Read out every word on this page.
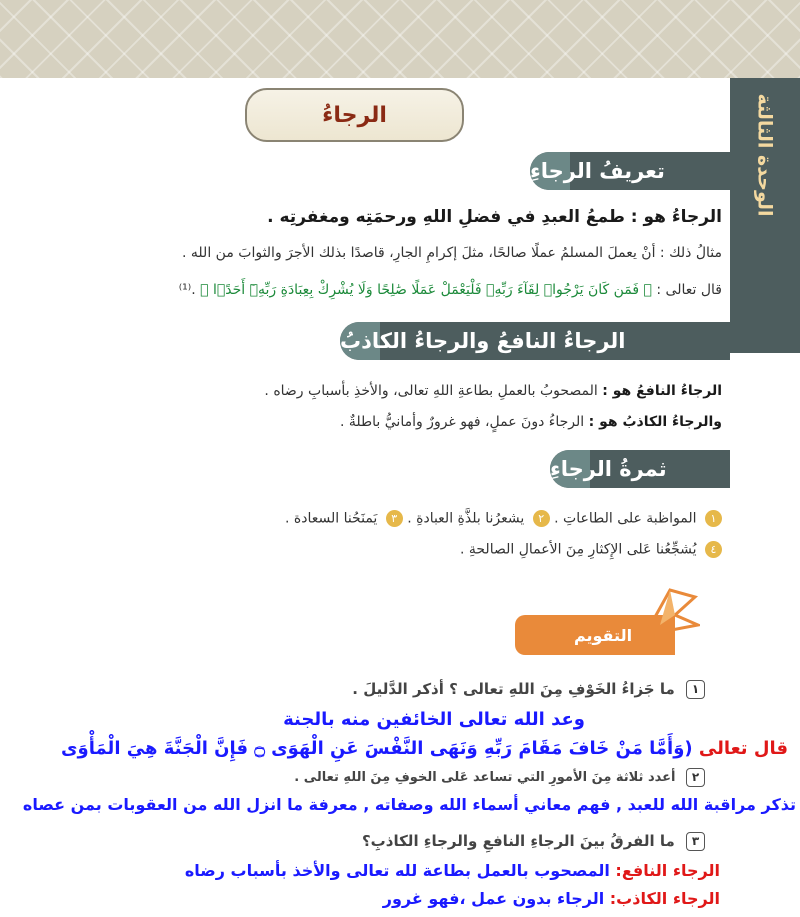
الوحدة الثالثة
الرجاءُ
تعريفُ الرجاءِ
الرجاءُ هو : طمعُ العبدِ في فضلِ اللهِ ورحمَتِه ومغفرتِه .
مثالُ ذلك : أنْ يعملَ المسلمُ عملًا صالحًا، مثلَ إكرامِ الجارِ، قاصدًا بذلك الأجرَ والثوابَ من الله .
قال تعالى : ﴿ فَمَن كَانَ يَرْجُوا۟ لِقَآءَ رَبِّهِۦ فَلْيَعْمَلْ عَمَلًا صَٰلِحًا وَلَا يُشْرِكْ بِعِبَادَةِ رَبِّهِۦٓ أَحَدًۢا ﴾ .⁽¹⁾
الرجاءُ النافعُ والرجاءُ الكاذبُ
الرجاءُ النافعُ هو : المصحوبُ بالعملِ بطاعةِ اللهِ تعالى، والأخذِ بأسبابِ رضاه .
والرجاءُ الكاذبُ هو : الرجاءُ دونَ عملٍ، فهو غرورٌ وأمانيُّ باطلةٌ .
ثمرةُ الرجاءِ
١ المواظبة على الطاعاتِ . ٢ يشعرُنا بلذَّةِ العبادةِ . ٣ يَمنَحُنا السعادة .
٤ يُشجِّعُنا عَلى الإِكثارِ مِنَ الأعمالِ الصالحةِ .
التقويم
١ ما جَزاءُ الخَوْفِ مِنَ اللهِ تعالى ؟ أذكر الدَّليلَ .
وعد الله تعالى الخائفين منه بالجنة
قال تعالى (وَأَمَّا مَنْ خَافَ مَقَامَ رَبِّهِ وَنَهَى النَّفْسَ عَنِ الْهَوَى ۝ فَإِنَّ الْجَنَّةَ هِيَ الْمَأْوَى
٢ أعدد ثلاثة مِنَ الأمورِ التي تساعد عَلى الخوفِ مِنَ اللهِ تعالى .
تذكر مراقبة الله للعبد , فهم معاني أسماء الله وصفاته , معرفة ما انزل الله من العقوبات بمن عصاه
٣ ما الفرقُ بينَ الرجاءِ النافعِ والرجاءِ الكاذبِ؟
الرجاء النافع: المصحوب بالعمل بطاعة لله تعالى والأخذ بأسباب رضاه
الرجاء الكاذب: الرجاء بدون عمل ،فهو غرور
